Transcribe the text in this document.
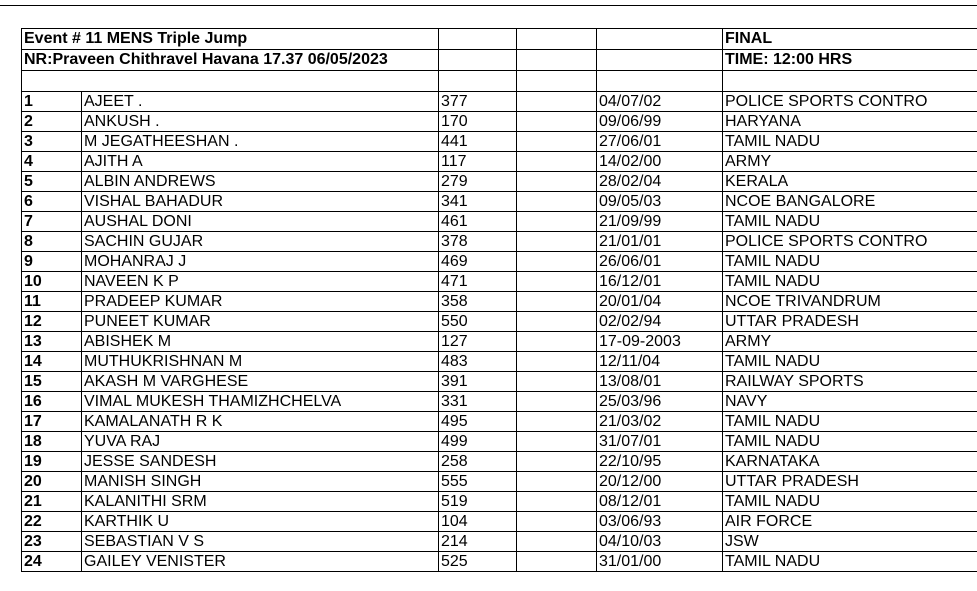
Event # 11 MENS Triple Jump					FINAL
NR:Praveen Chithravel Havana 17.37 06/05/2023					TIME: 12:00 HRS

1	AJEET .	377		04/07/02	POLICE SPORTS CONTRO
2	ANKUSH .	170		09/06/99	HARYANA
3	M JEGATHEESHAN .	441		27/06/01	TAMIL NADU
4	AJITH A	117		14/02/00	ARMY
5	ALBIN ANDREWS	279		28/02/04	KERALA
6	VISHAL BAHADUR	341		09/05/03	NCOE BANGALORE
7	AUSHAL DONI	461		21/09/99	TAMIL NADU
8	SACHIN GUJAR	378		21/01/01	POLICE SPORTS CONTRO
9	MOHANRAJ J	469		26/06/01	TAMIL NADU
10	NAVEEN K P	471		16/12/01	TAMIL NADU
11	PRADEEP KUMAR	358		20/01/04	NCOE TRIVANDRUM
12	PUNEET KUMAR	550		02/02/94	UTTAR PRADESH
13	ABISHEK M	127		17-09-2003	ARMY
14	MUTHUKRISHNAN M	483		12/11/04	TAMIL NADU
15	AKASH M VARGHESE	391		13/08/01	RAILWAY SPORTS
16	VIMAL MUKESH THAMIZHCHELVA	331		25/03/96	NAVY
17	KAMALANATH R K	495		21/03/02	TAMIL NADU
18	YUVA RAJ	499		31/07/01	TAMIL NADU
19	JESSE SANDESH	258		22/10/95	KARNATAKA
20	MANISH SINGH	555		20/12/00	UTTAR PRADESH
21	KALANITHI SRM	519		08/12/01	TAMIL NADU
22	KARTHIK U	104		03/06/93	AIR FORCE
23	SEBASTIAN V S	214		04/10/03	JSW
24	GAILEY VENISTER	525		31/01/00	TAMIL NADU
